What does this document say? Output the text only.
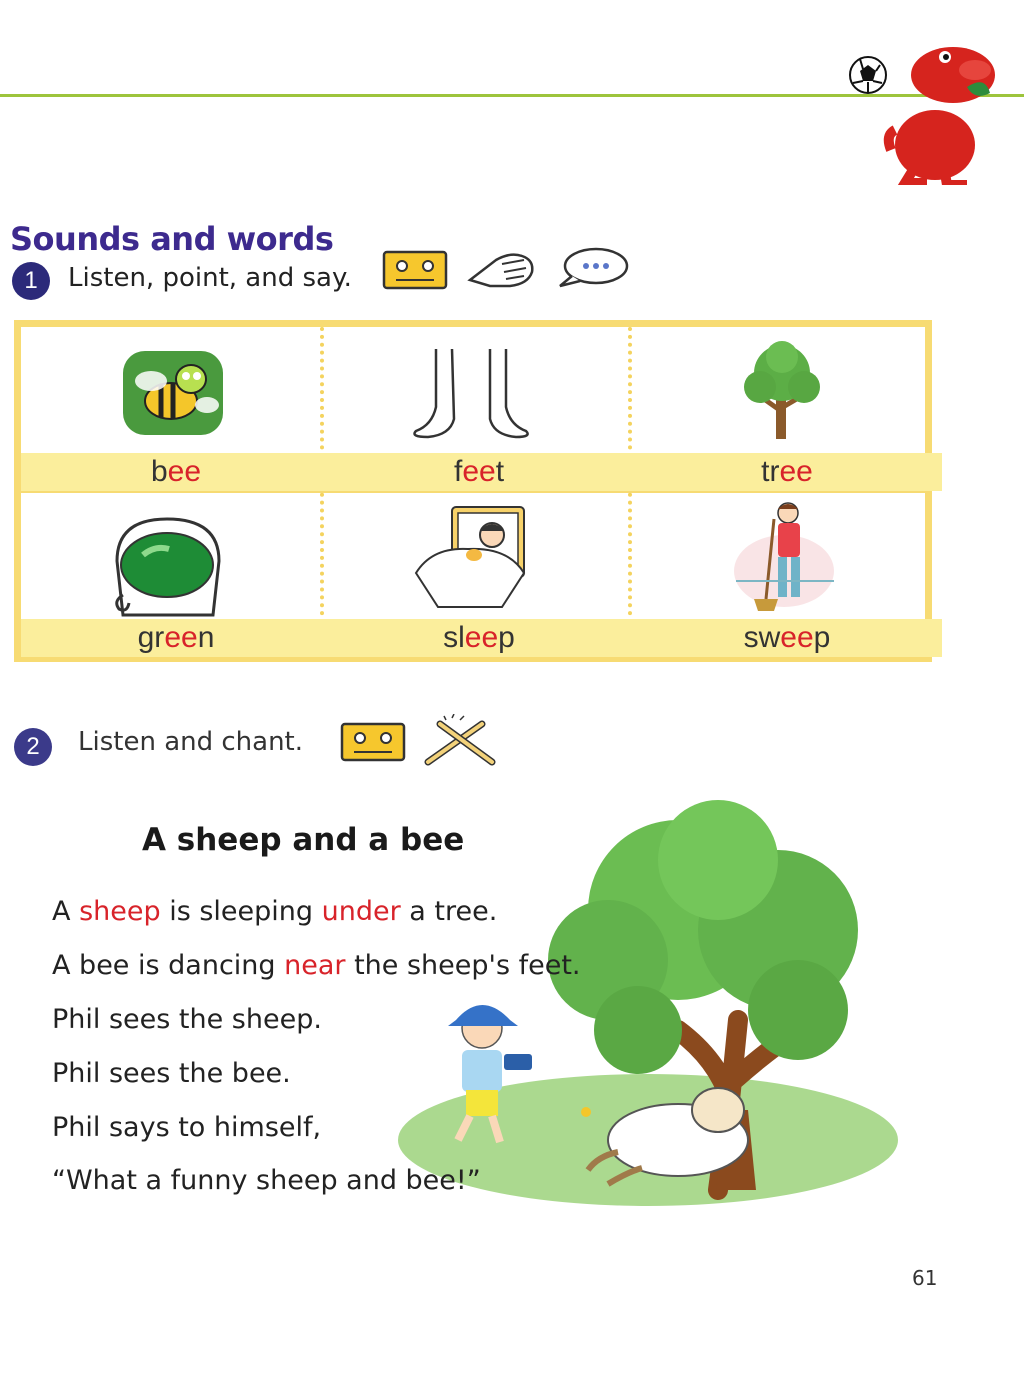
Sounds and words
1	Listen, point, and say.
bee	feet	tree
green	sleep	sweep
2	Listen and chant.
A sheep and a bee
A sheep is sleeping under a tree.
A bee is dancing near the sheep's feet.
Phil sees the sheep.
Phil sees the bee.
Phil says to himself,
“What a funny sheep and bee!”
61
